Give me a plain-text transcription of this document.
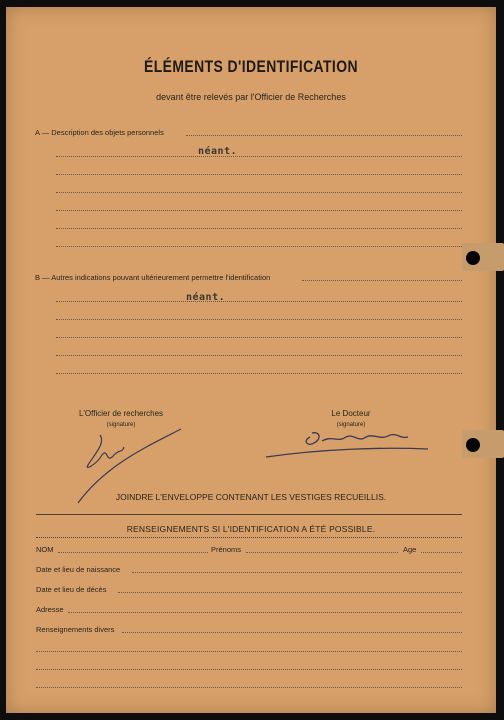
ÉLÉMENTS D'IDENTIFICATION
devant être relevés par l'Officier de Recherches
A — Description des objets personnels
néant.
B — Autres indications pouvant ultérieurement permettre l'identification
néant.
L'Officier de recherches
(signature)
Le Docteur
(signature)
JOINDRE L'ENVELOPPE CONTENANT LES VESTIGES RECUEILLIS.
RENSEIGNEMENTS SI L'IDENTIFICATION A ÉTÉ POSSIBLE.
NOM	Prénoms	Age
Date et lieu de naissance
Date et lieu de décès
Adresse
Renseignements divers
